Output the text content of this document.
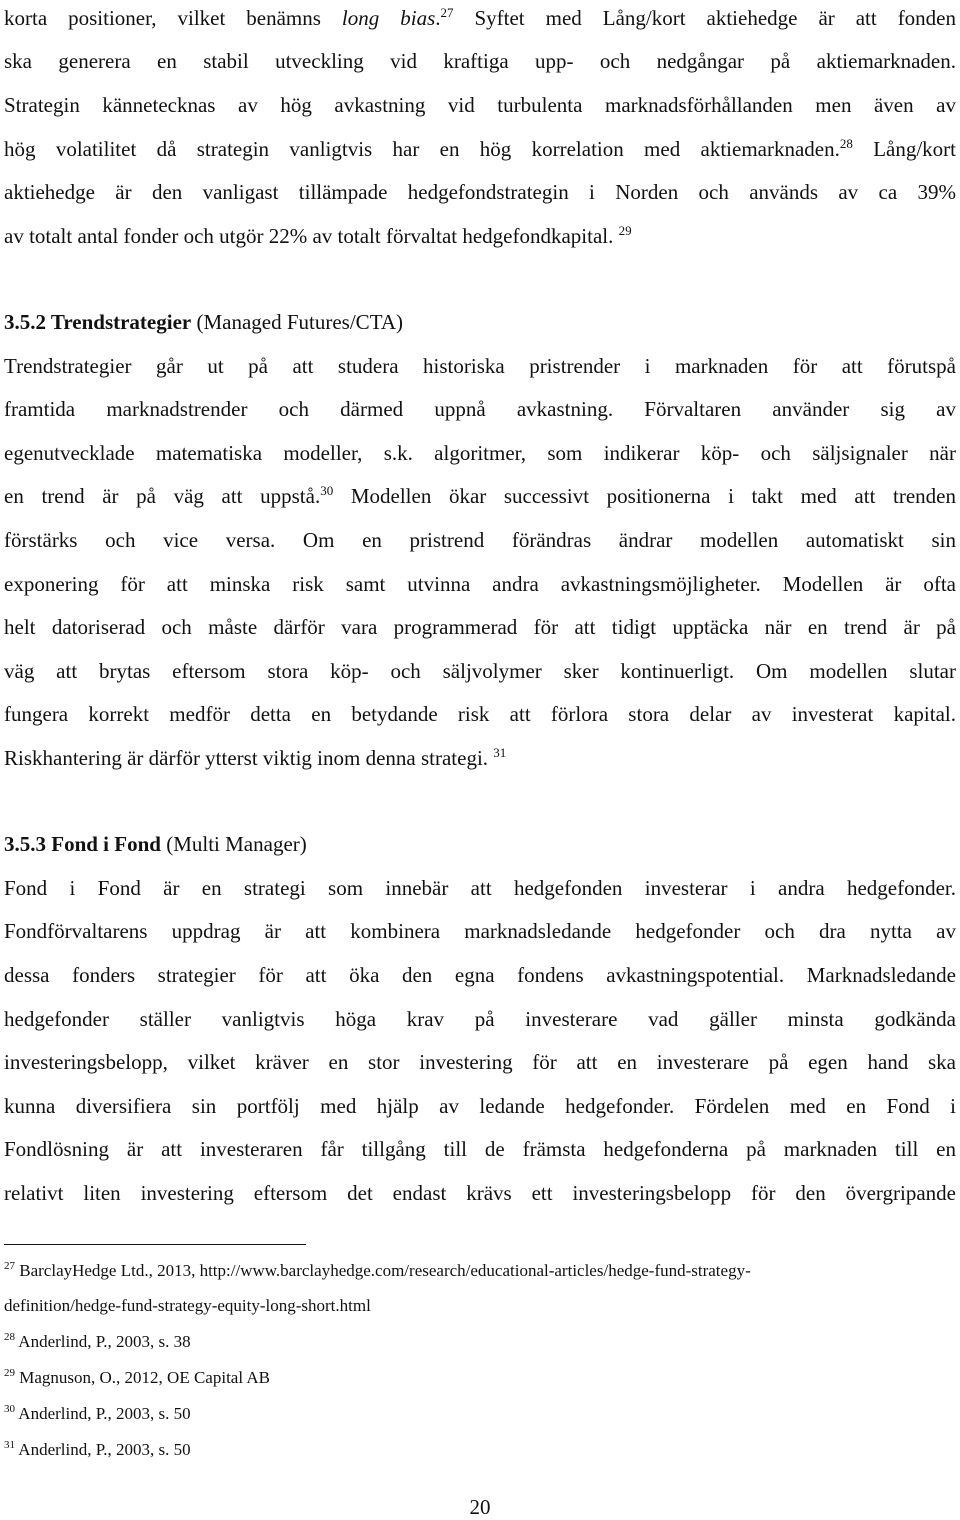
korta positioner, vilket benämns long bias.$^{27}$ Syftet med Lång/kort aktiehedge är att fonden
ska generera en stabil utveckling vid kraftiga upp- och nedgångar på aktiemarknaden.
Strategin kännetecknas av hög avkastning vid turbulenta marknadsförhållanden men även av
hög volatilitet då strategin vanligtvis har en hög korrelation med aktiemarknaden.$^{28}$ Lång/kort
aktiehedge är den vanligast tillämpade hedgefondstrategin i Norden och används av ca 39%
av totalt antal fonder och utgör 22% av totalt förvaltat hedgefondkapital. $^{29}$
3.5.2 Trendstrategier (Managed Futures/CTA)
Trendstrategier går ut på att studera historiska pristrender i marknaden för att förutspå
framtida marknadstrender och därmed uppnå avkastning. Förvaltaren använder sig av
egenutvecklade matematiska modeller, s.k. algoritmer, som indikerar köp- och säljsignaler när
en trend är på väg att uppstå.$^{30}$ Modellen ökar successivt positionerna i takt med att trenden
förstärks och vice versa. Om en pristrend förändras ändrar modellen automatiskt sin
exponering för att minska risk samt utvinna andra avkastningsmöjligheter. Modellen är ofta
helt datoriserad och måste därför vara programmerad för att tidigt upptäcka när en trend är på
väg att brytas eftersom stora köp- och säljvolymer sker kontinuerligt. Om modellen slutar
fungera korrekt medför detta en betydande risk att förlora stora delar av investerat kapital.
Riskhantering är därför ytterst viktig inom denna strategi. $^{31}$
3.5.3 Fond i Fond (Multi Manager)
Fond i Fond är en strategi som innebär att hedgefonden investerar i andra hedgefonder.
Fondförvaltarens uppdrag är att kombinera marknadsledande hedgefonder och dra nytta av
dessa fonders strategier för att öka den egna fondens avkastningspotential. Marknadsledande
hedgefonder ställer vanligtvis höga krav på investerare vad gäller minsta godkända
investeringsbelopp, vilket kräver en stor investering för att en investerare på egen hand ska
kunna diversifiera sin portfölj med hjälp av ledande hedgefonder. Fördelen med en Fond i
Fondlösning är att investeraren får tillgång till de främsta hedgefonderna på marknaden till en
relativt liten investering eftersom det endast krävs ett investeringsbelopp för den övergripande
$^{27}$ BarclayHedge Ltd., 2013, http://www.barclayhedge.com/research/educational-articles/hedge-fund-strategy-
definition/hedge-fund-strategy-equity-long-short.html
$^{28}$ Anderlind, P., 2003, s. 38
$^{29}$ Magnuson, O., 2012, OE Capital AB
$^{30}$ Anderlind, P., 2003, s. 50
$^{31}$ Anderlind, P., 2003, s. 50
20
